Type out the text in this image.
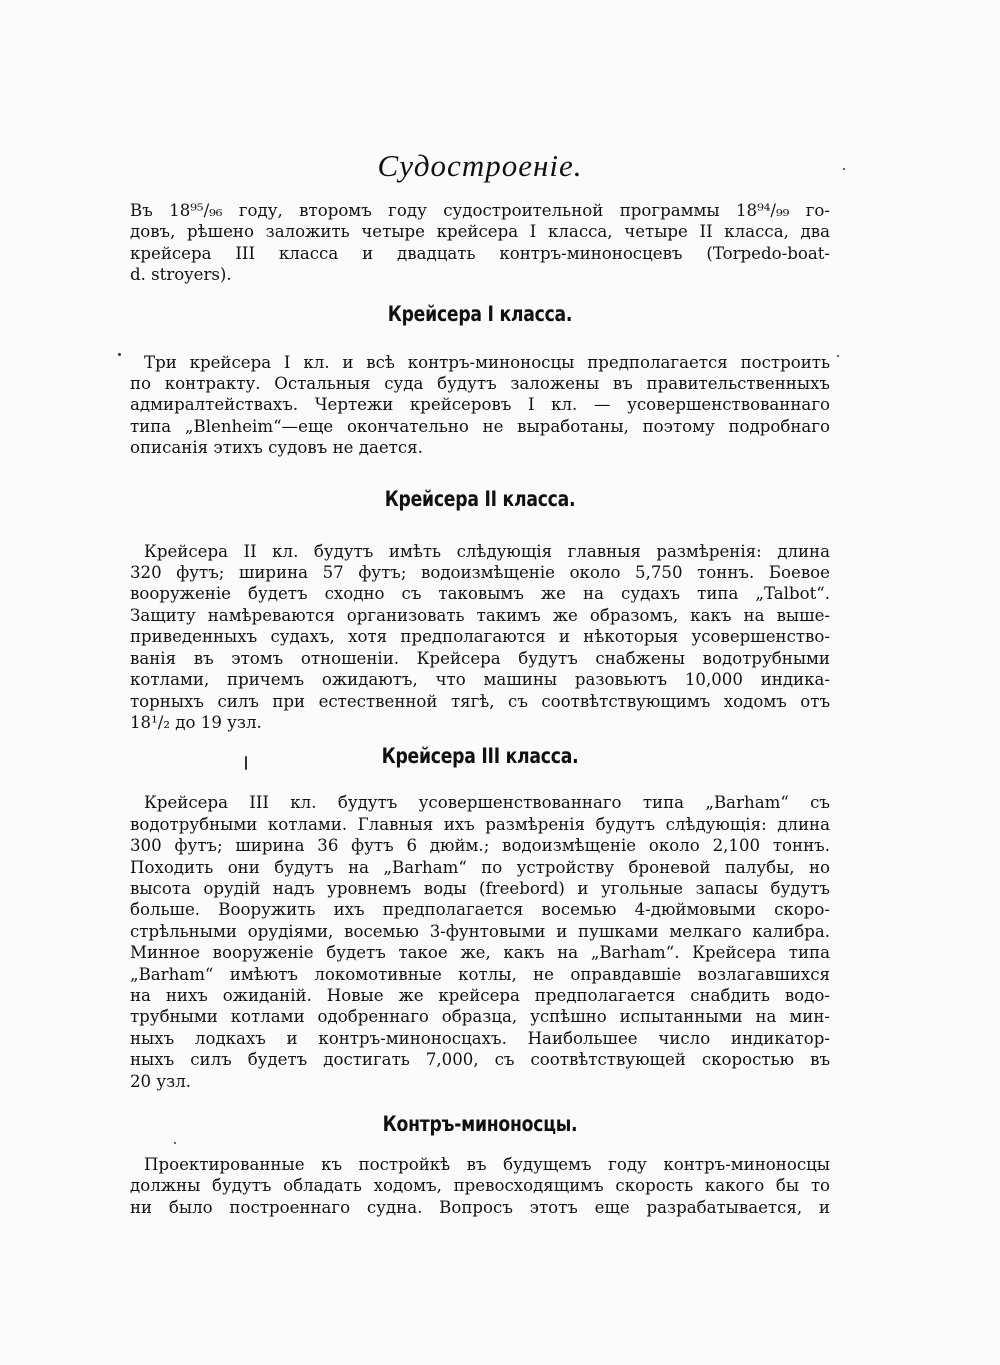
Судостроенiе.
Въ 18⁹⁵/₉₆ году, второмъ году судостроительной программы 18⁹⁴/₉₉ го-
довъ, рѣшено заложить четыре крейсера I класса, четыре II класса, два
крейсера III класса и двадцать контръ-миноносцевъ (Torpedo-boat-
d. stroyers).
Крейсера I класса.
Три крейсера I кл. и всѣ контръ-миноносцы предполагается построить
по контракту. Остальныя суда будутъ заложены въ правительственныхъ
адмиралтействахъ. Чертежи крейсеровъ I кл. — усовершенствованнаго
типа „Blenheim“—еще окончательно не выработаны, поэтому подробнаго
описанiя этихъ судовъ не дается.
Крейсера II класса.
Крейсера II кл. будутъ имѣть слѣдующiя главныя размѣренiя: длина
320 футъ; ширина 57 футъ; водоизмѣщенiе около 5,750 тоннъ. Боевое
вооруженiе будетъ сходно съ таковымъ же на судахъ типа „Talbot“.
Защиту намѣреваются организовать такимъ же образомъ, какъ на выше-
приведенныхъ судахъ, хотя предполагаются и нѣкоторыя усовершенство-
ванiя въ этомъ отношенiи. Крейсера будутъ снабжены водотрубными
котлами, причемъ ожидаютъ, что машины разовьютъ 10,000 индика-
торныхъ силъ при естественной тягѣ, съ соотвѣтствующимъ ходомъ отъ
18¹/₂ до 19 узл.
Крейсера III класса.
Крейсера III кл. будутъ усовершенствованнаго типа „Barham“ съ
водотрубными котлами. Главныя ихъ размѣренiя будутъ слѣдующiя: длина
300 футъ; ширина 36 футъ 6 дюйм.; водоизмѣщенiе около 2,100 тоннъ.
Походить они будутъ на „Barham“ по устройству броневой палубы, но
высота орудiй надъ уровнемъ воды (freebord) и угольные запасы будутъ
больше. Вооружить ихъ предполагается восемью 4-дюймовыми скоро-
стрѣльными орудiями, восемью 3-фунтовыми и пушками мелкаго калибра.
Минное вооруженiе будетъ такое же, какъ на „Barham“. Крейсера типа
„Barham“ имѣютъ локомотивные котлы, не оправдавшiе возлагавшихся
на нихъ ожиданiй. Новые же крейсера предполагается снабдить водо-
трубными котлами одобреннаго образца, успѣшно испытанными на мин-
ныхъ лодкахъ и контръ-миноносцахъ. Наибольшее число индикатор-
ныхъ силъ будетъ достигать 7,000, съ соотвѣтствующей скоростью въ
20 узл.
Контръ-миноносцы.
Проектированные къ постройкѣ въ будущемъ году контръ-миноносцы
должны будутъ обладать ходомъ, превосходящимъ скорость какого бы то
ни было построеннаго судна. Вопросъ этотъ еще разрабатывается, и
